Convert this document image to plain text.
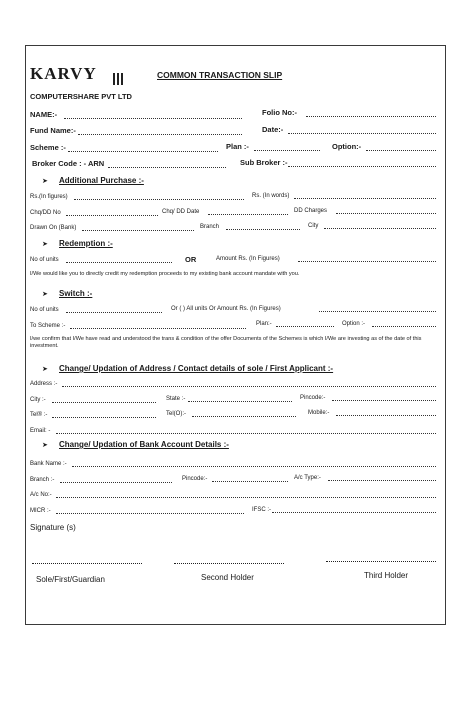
KARVY	COMMON TRANSACTION SLIP
COMPUTERSHARE PVT LTD
NAME:-	Folio No:-
Fund Name:-	Date:-
Scheme :-	Plan :-	Option:-
Broker Code : - ARN	Sub Broker :-
➤ Additional Purchase :-
Rs.(In figures)	Rs. (In words)
Chq/DD No	Chq/ DD Date	DD Charges
Drawn On (Bank)	Branch	City
➤ Redemption :-
No of units	OR	Amount Rs. (In Figures)
I/We would like you to directly credit my redemption proceeds to my existing bank account mandate with you.
➤ Switch :-
No of units	Or ( ) All units Or Amount Rs. (In Figures)
To Scheme :-	Plan:-	Option :-
I/we confirm that I/We have read and understood the trans & condition of the offer Documents of the Schemes is which I/We are investing as of the date of this investment.
➤ Change/ Updation of Address / Contact details of sole / First Applicant :-
Address :-
City :-	State :-	Pincode:-
Tel® :-	Tel(O):-	Mobile:-
Email: -
➤ Change/ Updation of Bank Account Details :-
Bank Name :-
Branch :-	Pincode:-	A/c Type:-
A/c No:-
MICR :-	IFSC :-
Signature (s)
Sole/First/Guardian	Second Holder	Third Holder
